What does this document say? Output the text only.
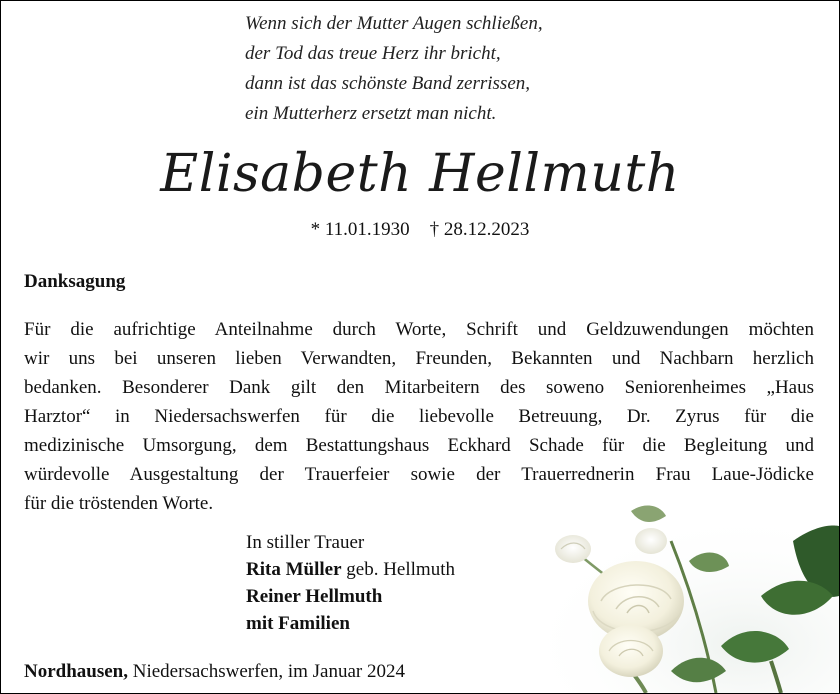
Wenn sich der Mutter Augen schließen,
der Tod das treue Herz ihr bricht,
dann ist das schönste Band zerrissen,
ein Mutterherz ersetzt man nicht.
Elisabeth Hellmuth
* 11.01.1930 † 28.12.2023
Danksagung
Für die aufrichtige Anteilnahme durch Worte, Schrift und Geldzuwendungen möchten
wir uns bei unseren lieben Verwandten, Freunden, Bekannten und Nachbarn herzlich
bedanken. Besonderer Dank gilt den Mitarbeitern des soweno Seniorenheimes „Haus
Harztor“ in Niedersachswerfen für die liebevolle Betreuung, Dr. Zyrus für die
medizinische Umsorgung, dem Bestattungshaus Eckhard Schade für die Begleitung und
würdevolle Ausgestaltung der Trauerfeier sowie der Trauerrednerin Frau Laue-Jödicke
für die tröstenden Worte.
In stiller Trauer
Rita Müller geb. Hellmuth
Reiner Hellmuth
mit Familien
Nordhausen, Niedersachswerfen, im Januar 2024
